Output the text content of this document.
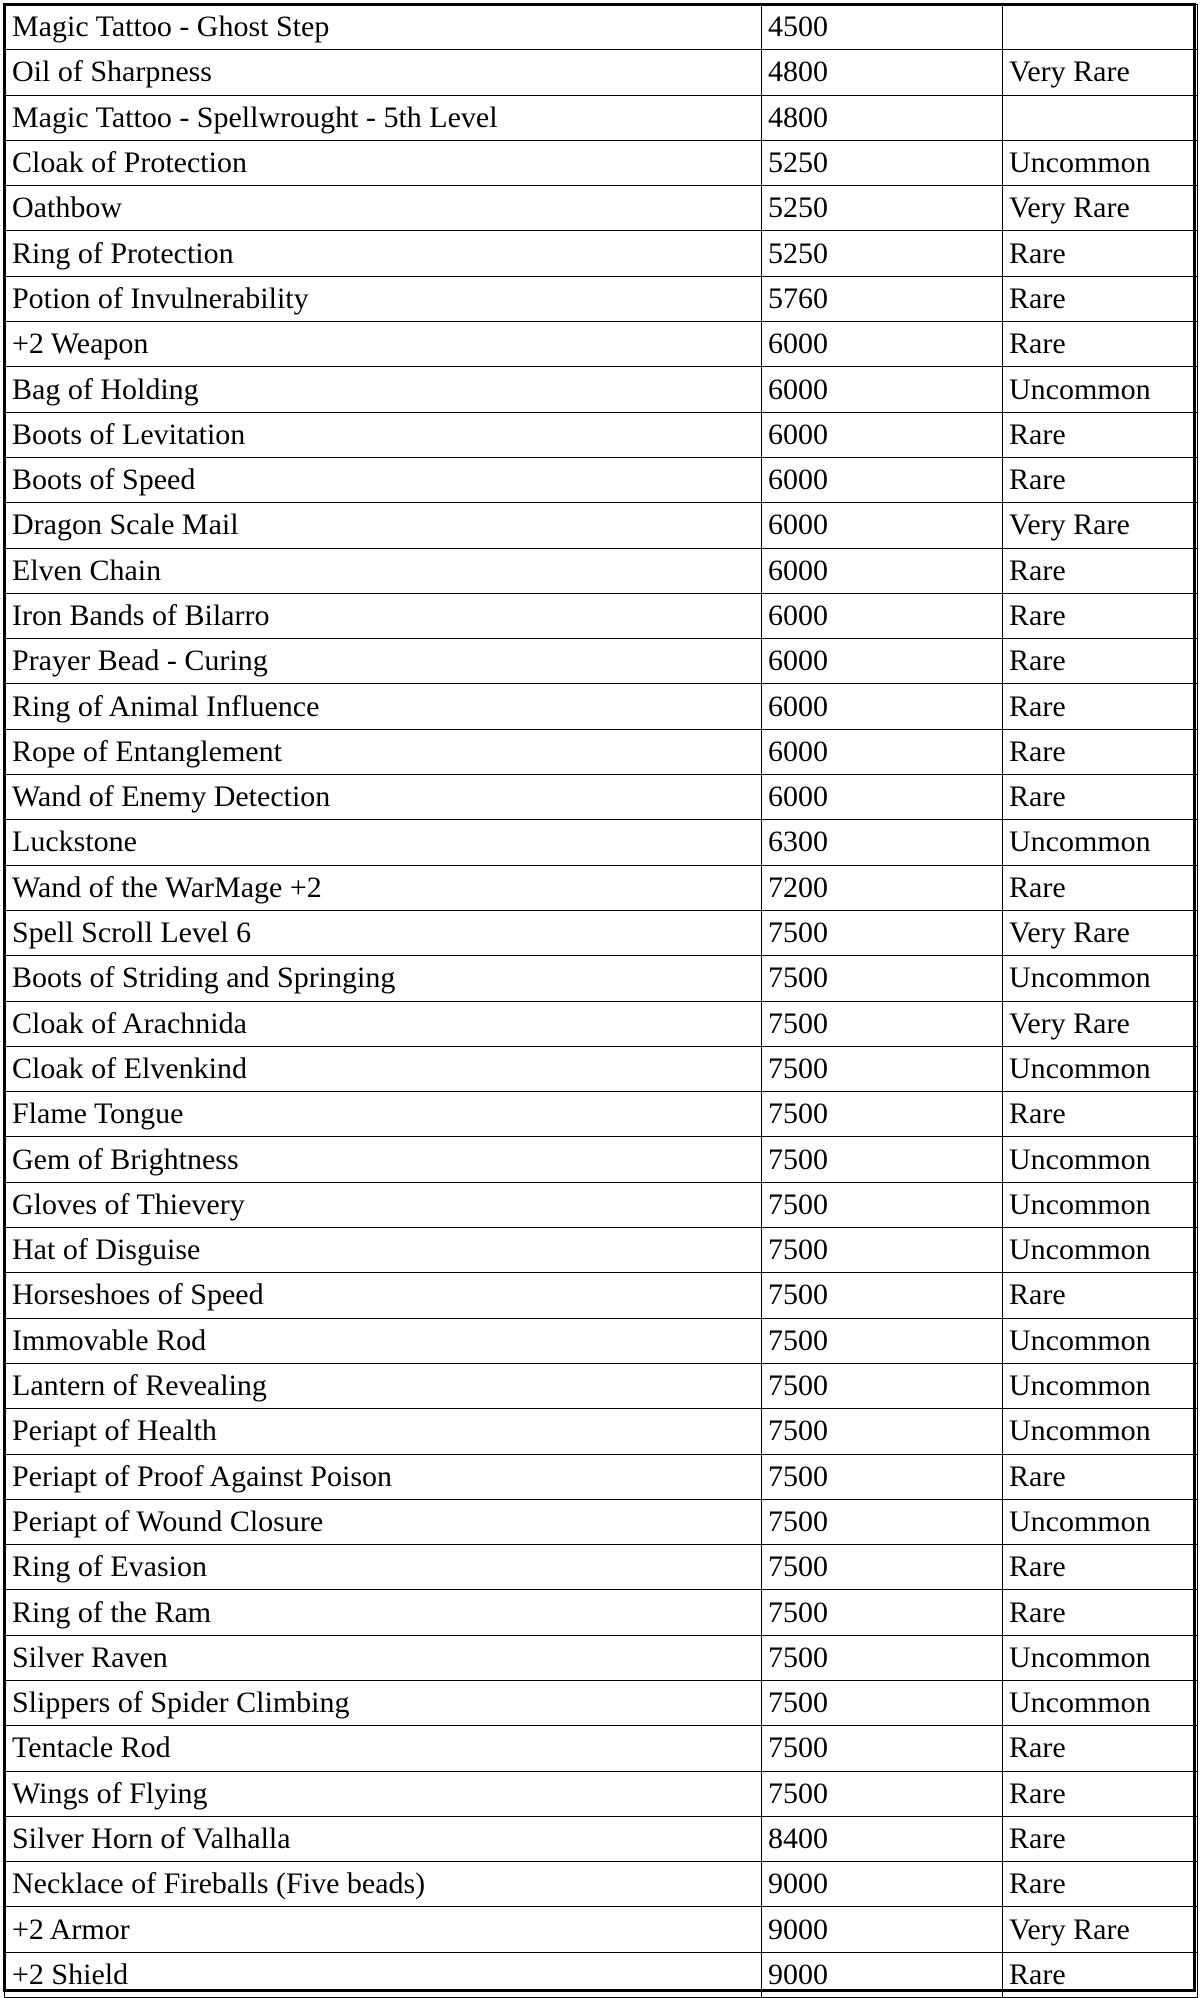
Magic Tattoo - Ghost Step	4500	
Oil of Sharpness	4800	Very Rare
Magic Tattoo - Spellwrought - 5th Level	4800	
Cloak of Protection	5250	Uncommon
Oathbow	5250	Very Rare
Ring of Protection	5250	Rare
Potion of Invulnerability	5760	Rare
+2 Weapon	6000	Rare
Bag of Holding	6000	Uncommon
Boots of Levitation	6000	Rare
Boots of Speed	6000	Rare
Dragon Scale Mail	6000	Very Rare
Elven Chain	6000	Rare
Iron Bands of Bilarro	6000	Rare
Prayer Bead - Curing	6000	Rare
Ring of Animal Influence	6000	Rare
Rope of Entanglement	6000	Rare
Wand of Enemy Detection	6000	Rare
Luckstone	6300	Uncommon
Wand of the WarMage +2	7200	Rare
Spell Scroll Level 6	7500	Very Rare
Boots of Striding and Springing	7500	Uncommon
Cloak of Arachnida	7500	Very Rare
Cloak of Elvenkind	7500	Uncommon
Flame Tongue	7500	Rare
Gem of Brightness	7500	Uncommon
Gloves of Thievery	7500	Uncommon
Hat of Disguise	7500	Uncommon
Horseshoes of Speed	7500	Rare
Immovable Rod	7500	Uncommon
Lantern of Revealing	7500	Uncommon
Periapt of Health	7500	Uncommon
Periapt of Proof Against Poison	7500	Rare
Periapt of Wound Closure	7500	Uncommon
Ring of Evasion	7500	Rare
Ring of the Ram	7500	Rare
Silver Raven	7500	Uncommon
Slippers of Spider Climbing	7500	Uncommon
Tentacle Rod	7500	Rare
Wings of Flying	7500	Rare
Silver Horn of Valhalla	8400	Rare
Necklace of Fireballs (Five beads)	9000	Rare
+2 Armor	9000	Very Rare
+2 Shield	9000	Rare
